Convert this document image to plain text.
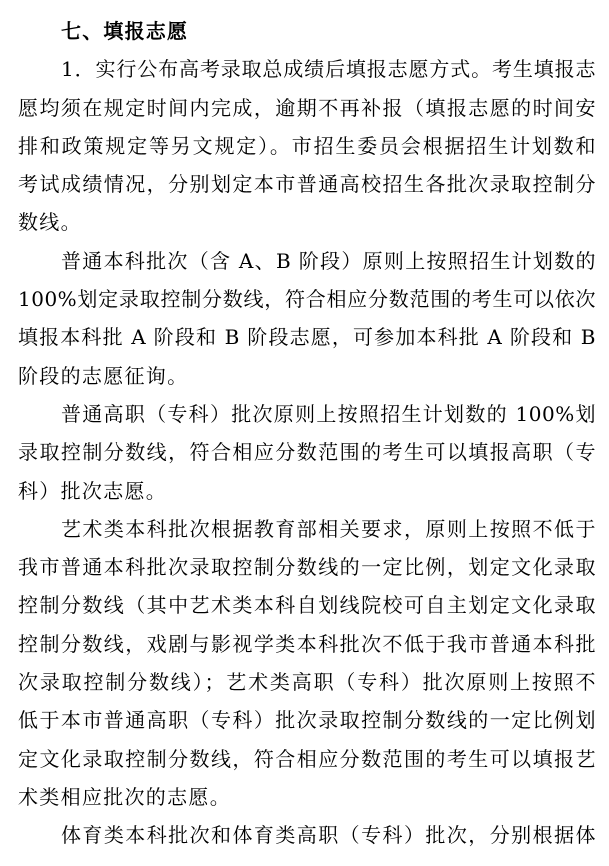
七、填报志愿
1．实行公布高考录取总成绩后填报志愿方式。考生填报志
愿均须在规定时间内完成，逾期不再补报（填报志愿的时间安
排和政策规定等另文规定）。市招生委员会根据招生计划数和
考试成绩情况，分别划定本市普通高校招生各批次录取控制分
数线。
普通本科批次（含 A、B 阶段）原则上按照招生计划数的
100%划定录取控制分数线，符合相应分数范围的考生可以依次
填报本科批 A 阶段和 B 阶段志愿，可参加本科批 A 阶段和 B
阶段的志愿征询。
普通高职（专科）批次原则上按照招生计划数的 100%划
录取控制分数线，符合相应分数范围的考生可以填报高职（专
科）批次志愿。
艺术类本科批次根据教育部相关要求，原则上按照不低于
我市普通本科批次录取控制分数线的一定比例，划定文化录取
控制分数线（其中艺术类本科自划线院校可自主划定文化录取
控制分数线，戏剧与影视学类本科批次不低于我市普通本科批
次录取控制分数线）；艺术类高职（专科）批次原则上按照不
低于本市普通高职（专科）批次录取控制分数线的一定比例划
定文化录取控制分数线，符合相应分数范围的考生可以填报艺
术类相应批次的志愿。
体育类本科批次和体育类高职（专科）批次，分别根据体
